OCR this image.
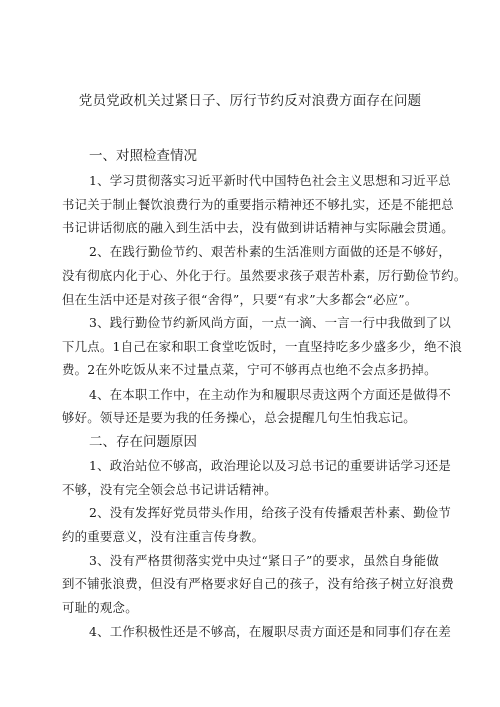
党员党政机关过紧日子、厉行节约反对浪费方面存在问题
一、对照检查情况
1、学习贯彻落实习近平新时代中国特色社会主义思想和习近平总
书记关于制止餐饮浪费行为的重要指示精神还不够扎实，还是不能把总
书记讲话彻底的融入到生活中去，没有做到讲话精神与实际融会贯通。
2、在践行勤俭节约、艰苦朴素的生活准则方面做的还是不够好，
没有彻底内化于心、外化于行。虽然要求孩子艰苦朴素，厉行勤俭节约。
但在生活中还是对孩子很“舍得”，只要“有求”大多都会“必应”。
3、践行勤俭节约新风尚方面，一点一滴、一言一行中我做到了以
下几点。1自己在家和职工食堂吃饭时，一直坚持吃多少盛多少，绝不浪
费。2在外吃饭从来不过量点菜，宁可不够再点也绝不会点多扔掉。
4、在本职工作中，在主动作为和履职尽责这两个方面还是做得不
够好。领导还是要为我的任务操心，总会提醒几句生怕我忘记。
二、存在问题原因
1、政治站位不够高，政治理论以及习总书记的重要讲话学习还是
不够，没有完全领会总书记讲话精神。
2、没有发挥好党员带头作用，给孩子没有传播艰苦朴素、勤俭节
约的重要意义，没有注重言传身教。
3、没有严格贯彻落实党中央过“紧日子”的要求，虽然自身能做
到不铺张浪费，但没有严格要求好自己的孩子，没有给孩子树立好浪费
可耻的观念。
4、工作积极性还是不够高，在履职尽责方面还是和同事们存在差
